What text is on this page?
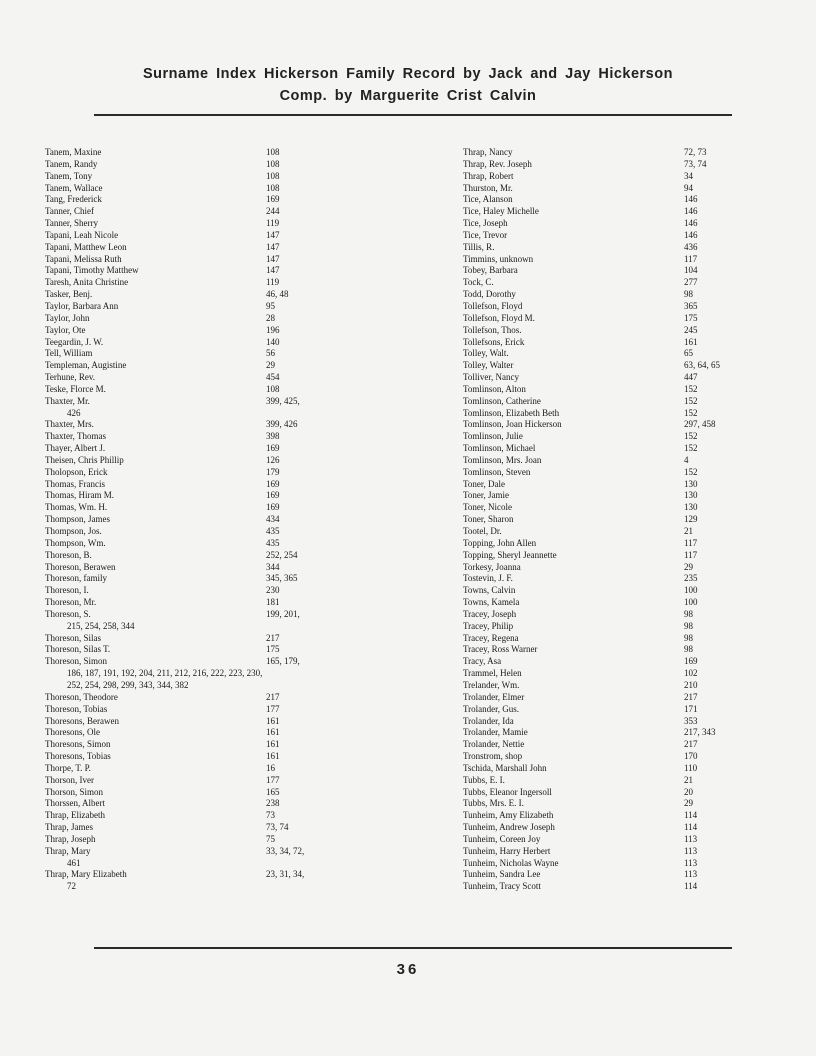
Surname Index Hickerson Family Record by Jack and Jay Hickerson
Comp. by Marguerite Crist Calvin
Tanem, Maxine	108
Tanem, Randy	108
Tanem, Tony	108
Tanem, Wallace	108
Tang, Frederick	169
Tanner, Chief	244
Tanner, Sherry	119
Tapani, Leah Nicole	147
Tapani, Matthew Leon	147
Tapani, Melissa Ruth	147
Tapani, Timothy Matthew	147
Taresh, Anita Christine	119
Tasker, Benj.	46, 48
Taylor, Barbara Ann	95
Taylor, John	28
Taylor, Ote	196
Teegardin, J. W.	140
Tell, William	56
Templeman, Augistine	29
Terhune, Rev.	454
Teske, Florce M.	108
Thaxter, Mr.	399, 425,
426
Thaxter, Mrs.	399, 426
Thaxter, Thomas	398
Thayer, Albert J.	169
Theisen, Chris Phillip	126
Tholopson, Erick	179
Thomas, Francis	169
Thomas, Hiram M.	169
Thomas, Wm. H.	169
Thompson, James	434
Thompson, Jos.	435
Thompson, Wm.	435
Thoreson, B.	252, 254
Thoreson, Berawen	344
Thoreson, family	345, 365
Thoreson, I.	230
Thoreson, Mr.	181
Thoreson, S.	199, 201,
215, 254, 258, 344
Thoreson, Silas	217
Thoreson, Silas T.	175
Thoreson, Simon	165, 179,
186, 187, 191, 192, 204, 211, 212, 216, 222, 223, 230,
252, 254, 298, 299, 343, 344, 382
Thoreson, Theodore	217
Thoreson, Tobias	177
Thoresons, Berawen	161
Thoresons, Ole	161
Thoresons, Simon	161
Thoresons, Tobias	161
Thorpe, T. P.	16
Thorson, Iver	177
Thorson, Simon	165
Thorssen, Albert	238
Thrap, Elizabeth	73
Thrap, James	73, 74
Thrap, Joseph	75
Thrap, Mary	33, 34, 72,
461
Thrap, Mary Elizabeth	23, 31, 34,
72
Thrap, Nancy	72, 73
Thrap, Rev. Joseph	73, 74
Thrap, Robert	34
Thurston, Mr.	94
Tice, Alanson	146
Tice, Haley Michelle	146
Tice, Joseph	146
Tice, Trevor	146
Tillis, R.	436
Timmins, unknown	117
Tobey, Barbara	104
Tock, C.	277
Todd, Dorothy	98
Tollefson, Floyd	365
Tollefson, Floyd M.	175
Tollefson, Thos.	245
Tollefsons, Erick	161
Tolley, Walt.	65
Tolley, Walter	63, 64, 65
Tolliver, Nancy	447
Tomlinson, Alton	152
Tomlinson, Catherine	152
Tomlinson, Elizabeth Beth	152
Tomlinson, Joan Hickerson	297, 458
Tomlinson, Julie	152
Tomlinson, Michael	152
Tomlinson, Mrs. Joan	4
Tomlinson, Steven	152
Toner, Dale	130
Toner, Jamie	130
Toner, Nicole	130
Toner, Sharon	129
Tootel, Dr.	21
Topping, John Allen	117
Topping, Sheryl Jeannette	117
Torkesy, Joanna	29
Tostevin, J. F.	235
Towns, Calvin	100
Towns, Kamela	100
Tracey, Joseph	98
Tracey, Philip	98
Tracey, Regena	98
Tracey, Ross Warner	98
Tracy, Asa	169
Trammel, Helen	102
Trelander, Wm.	210
Trolander, Elmer	217
Trolander, Gus.	171
Trolander, Ida	353
Trolander, Mamie	217, 343
Trolander, Nettie	217
Tronstrom, shop	170
Tschida, Marshall John	110
Tubbs, E. I.	21
Tubbs, Eleanor Ingersoll	20
Tubbs, Mrs. E. I.	29
Tunheim, Amy Elizabeth	114
Tunheim, Andrew Joseph	114
Tunheim, Coreen Joy	113
Tunheim, Harry Herbert	113
Tunheim, Nicholas Wayne	113
Tunheim, Sandra Lee	113
Tunheim, Tracy Scott	114
36
